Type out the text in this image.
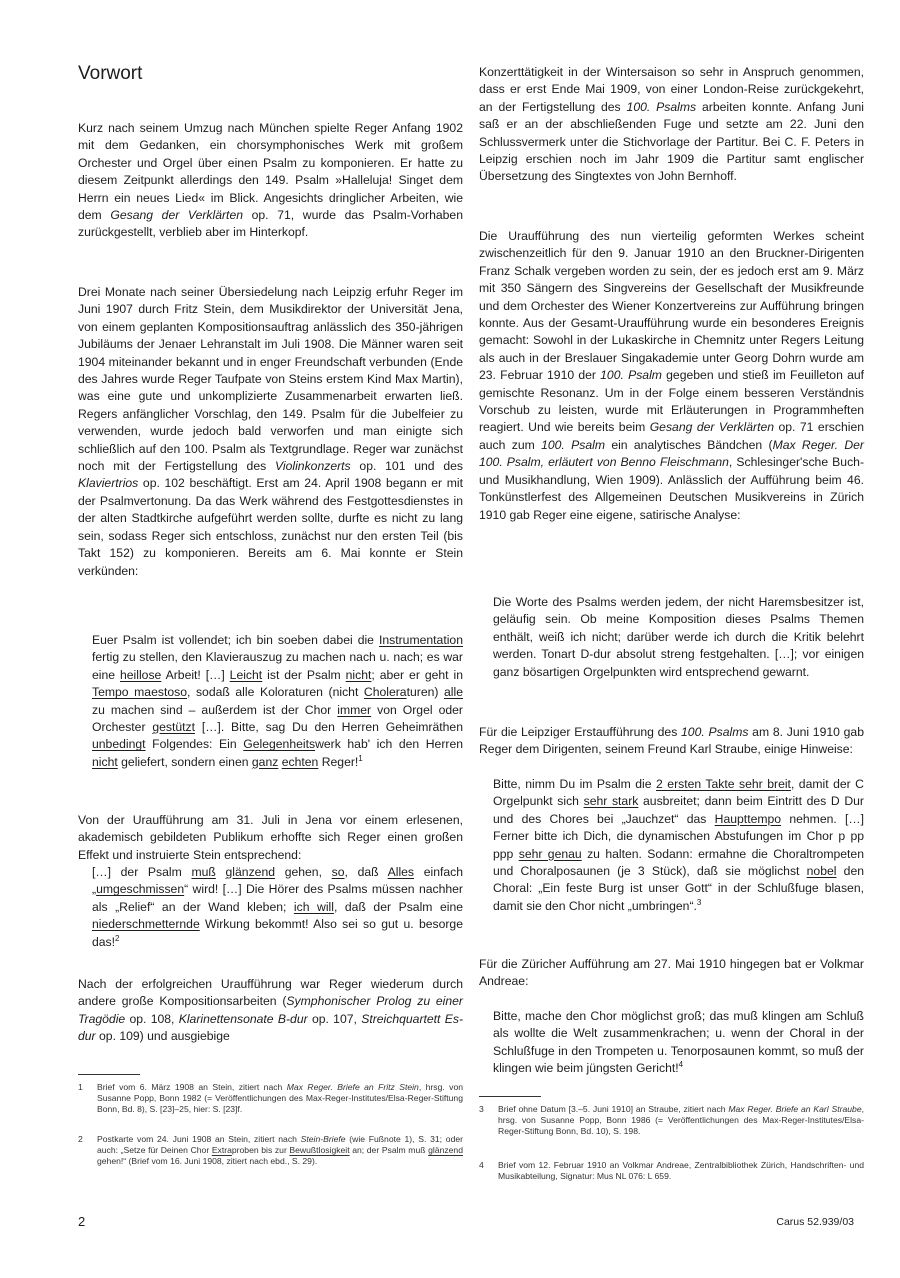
Vorwort

Kurz nach seinem Umzug nach München spielte Reger Anfang 1902 mit dem Gedanken, ein chorsymphonisches Werk mit großem Orchester und Orgel über einen Psalm zu komponieren. Er hatte zu diesem Zeitpunkt allerdings den 149. Psalm »Halleluja! Singet dem Herrn ein neues Lied« im Blick. Angesichts dringlicher Arbeiten, wie dem Gesang der Verklärten op. 71, wurde das Psalm-Vorhaben zurückgestellt, verblieb aber im Hinterkopf.

Drei Monate nach seiner Übersiedelung nach Leipzig erfuhr Reger im Juni 1907 durch Fritz Stein, dem Musikdirektor der Universität Jena, von einem geplanten Kompositionsauftrag anlässlich des 350-jährigen Jubiläums der Jenaer Lehranstalt im Juli 1908. Die Männer waren seit 1904 miteinander bekannt und in enger Freundschaft verbunden (Ende des Jahres wurde Reger Taufpate von Steins erstem Kind Max Martin), was eine gute und unkomplizierte Zusammenarbeit erwarten ließ. Regers anfänglicher Vorschlag, den 149. Psalm für die Jubelfeier zu verwenden, wurde jedoch bald verworfen und man einigte sich schließlich auf den 100. Psalm als Textgrundlage. Reger war zunächst noch mit der Fertigstellung des Violinkonzerts op. 101 und des Klaviertrios op. 102 beschäftigt. Erst am 24. April 1908 begann er mit der Psalmvertonung. Da das Werk während des Festgottesdienstes in der alten Stadtkirche aufgeführt werden sollte, durfte es nicht zu lang sein, sodass Reger sich entschloss, zunächst nur den ersten Teil (bis Takt 152) zu komponieren. Bereits am 6. Mai konnte er Stein verkünden:

Euer Psalm ist vollendet; ich bin soeben dabei die Instrumentation fertig zu stellen, den Klavierauszug zu machen nach u. nach; es war eine heillose Arbeit! […] Leicht ist der Psalm nicht; aber er geht in Tempo maestoso, sodaß alle Koloraturen (nicht Choleraturen) alle zu machen sind – außerdem ist der Chor immer von Orgel oder Orchester gestützt […]. Bitte, sag Du den Herren Geheimräthen unbedingt Folgendes: Ein Gelegenheitswerk hab' ich den Herren nicht geliefert, sondern einen ganz echten Reger!$^1$

Von der Uraufführung am 31. Juli in Jena vor einem erlesenen, akademisch gebildeten Publikum erhoffte sich Reger einen großen Effekt und instruierte Stein entsprechend:

[…] der Psalm muß glänzend gehen, so, daß Alles einfach „umgeschmissen“ wird! […] Die Hörer des Psalms müssen nachher als „Relief“ an der Wand kleben; ich will, daß der Psalm eine niederschmetternde Wirkung bekommt! Also sei so gut u. besorge das!$^2$

Nach der erfolgreichen Uraufführung war Reger wiederum durch andere große Kompositionsarbeiten (Symphonischer Prolog zu einer Tragödie op. 108, Klarinettensonate B-dur op. 107, Streichquartett Es-dur op. 109) und ausgiebige

1	Brief vom 6. März 1908 an Stein, zitiert nach Max Reger. Briefe an Fritz Stein, hrsg. von Susanne Popp, Bonn 1982 (= Veröffentlichungen des Max-Reger-Institutes/Elsa-Reger-Stiftung Bonn, Bd. 8), S. [23]–25, hier: S. [23]f.
2	Postkarte vom 24. Juni 1908 an Stein, zitiert nach Stein-Briefe (wie Fußnote 1), S. 31; oder auch: „Setze für Deinen Chor Extraproben bis zur Bewußtlosigkeit an; der Psalm muß glänzend gehen!“ (Brief vom 16. Juni 1908, zitiert nach ebd., S. 29).

Konzerttätigkeit in der Wintersaison so sehr in Anspruch genommen, dass er erst Ende Mai 1909, von einer London-Reise zurückgekehrt, an der Fertigstellung des 100. Psalms arbeiten konnte. Anfang Juni saß er an der abschließenden Fuge und setzte am 22. Juni den Schlussvermerk unter die Stichvorlage der Partitur. Bei C. F. Peters in Leipzig erschien noch im Jahr 1909 die Partitur samt englischer Übersetzung des Singtextes von John Bernhoff.

Die Uraufführung des nun vierteilig geformten Werkes scheint zwischenzeitlich für den 9. Januar 1910 an den Bruckner-Dirigenten Franz Schalk vergeben worden zu sein, der es jedoch erst am 9. März mit 350 Sängern des Singvereins der Gesellschaft der Musikfreunde und dem Orchester des Wiener Konzertvereins zur Aufführung bringen konnte. Aus der Gesamt-Uraufführung wurde ein besonderes Ereignis gemacht: Sowohl in der Lukaskirche in Chemnitz unter Regers Leitung als auch in der Breslauer Singakademie unter Georg Dohrn wurde am 23. Februar 1910 der 100. Psalm gegeben und stieß im Feuilleton auf gemischte Resonanz. Um in der Folge einem besseren Verständnis Vorschub zu leisten, wurde mit Erläuterungen in Programmheften reagiert. Und wie bereits beim Gesang der Verklärten op. 71 erschien auch zum 100. Psalm ein analytisches Bändchen (Max Reger. Der 100. Psalm, erläutert von Benno Fleischmann, Schlesinger'sche Buch- und Musikhandlung, Wien 1909). Anlässlich der Aufführung beim 46. Tonkünstlerfest des Allgemeinen Deutschen Musikvereins in Zürich 1910 gab Reger eine eigene, satirische Analyse:

Die Worte des Psalms werden jedem, der nicht Haremsbesitzer ist, geläufig sein. Ob meine Komposition dieses Psalms Themen enthält, weiß ich nicht; darüber werde ich durch die Kritik belehrt werden. Tonart D-dur absolut streng festgehalten. […]; vor einigen ganz bösartigen Orgelpunkten wird entsprechend gewarnt.

Für die Leipziger Erstaufführung des 100. Psalms am 8. Juni 1910 gab Reger dem Dirigenten, seinem Freund Karl Straube, einige Hinweise:

Bitte, nimm Du im Psalm die 2 ersten Takte sehr breit, damit der C Orgelpunkt sich sehr stark ausbreitet; dann beim Eintritt des D Dur und des Chores bei „Jauchzet“ das Haupttempo nehmen. […] Ferner bitte ich Dich, die dynamischen Abstufungen im Chor p pp ppp sehr genau zu halten. Sodann: ermahne die Choraltrompeten und Choralposaunen (je 3 Stück), daß sie möglichst nobel den Choral: „Ein feste Burg ist unser Gott“ in der Schlußfuge blasen, damit sie den Chor nicht „umbringen“.$^3$

Für die Züricher Aufführung am 27. Mai 1910 hingegen bat er Volkmar Andreae:

Bitte, mache den Chor möglichst groß; das muß klingen am Schluß als wollte die Welt zusammenkrachen; u. wenn der Choral in der Schlußfuge in den Trompeten u. Tenorposaunen kommt, so muß der klingen wie beim jüngsten Gericht!$^4$

3	Brief ohne Datum [3.–5. Juni 1910] an Straube, zitiert nach Max Reger. Briefe an Karl Straube, hrsg. von Susanne Popp, Bonn 1986 (= Veröffentlichungen des Max-Reger-Institutes/Elsa-Reger-Stiftung Bonn, Bd. 10), S. 198.
4	Brief vom 12. Februar 1910 an Volkmar Andreae, Zentralbibliothek Zürich, Handschriften- und Musikabteilung, Signatur: Mus NL 076: L 659.
2	Carus 52.939/03
